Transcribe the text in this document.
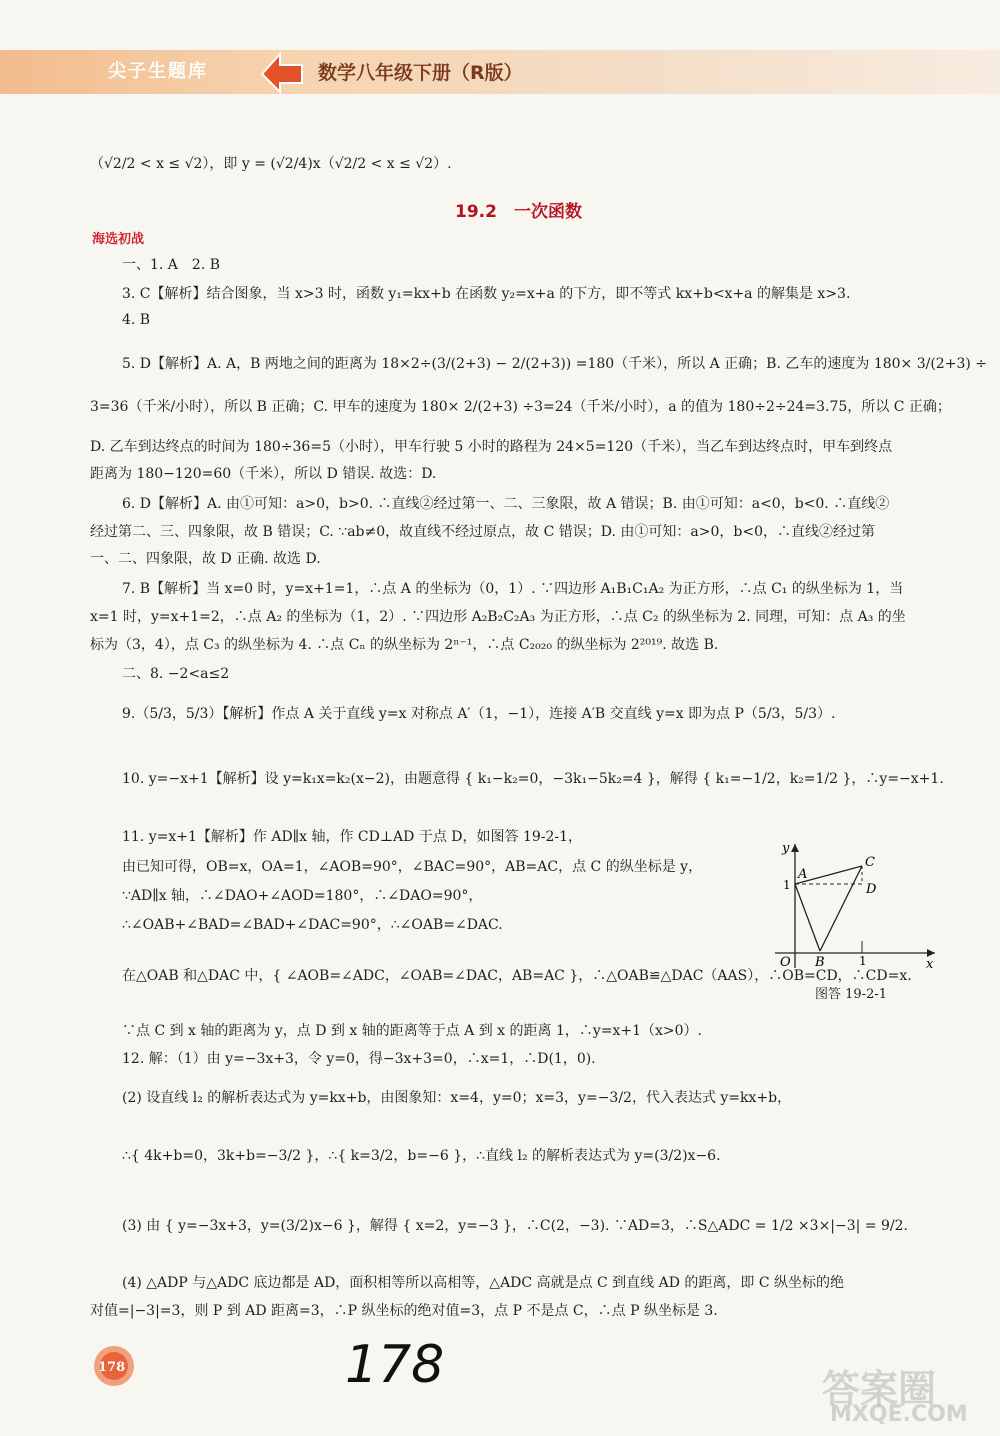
尖子生题库	数学八年级下册（R版）
（√2/2 < x ≤ √2），即 y = (√2/4)x（√2/2 < x ≤ √2）.
19.2　一次函数
海选初战
一、1. A　2. B
3. C【解析】结合图象，当 x>3 时，函数 y₁=kx+b 在函数 y₂=x+a 的下方，即不等式 kx+b<x+a 的解集是 x>3.
4. B
5. D【解析】A. A，B 两地之间的距离为 18×2÷(3/(2+3) − 2/(2+3)) =180（千米），所以 A 正确；B. 乙车的速度为 180× 3/(2+3) ÷
3=36（千米/小时），所以 B 正确；C. 甲车的速度为 180× 2/(2+3) ÷3=24（千米/小时），a 的值为 180÷2÷24=3.75，所以 C 正确；
D. 乙车到达终点的时间为 180÷36=5（小时），甲车行驶 5 小时的路程为 24×5=120（千米），当乙车到达终点时，甲车到终点
距离为 180−120=60（千米），所以 D 错误. 故选：D.
6. D【解析】A. 由①可知：a>0，b>0. ∴直线②经过第一、二、三象限，故 A 错误；B. 由①可知：a<0，b<0. ∴直线②
经过第二、三、四象限，故 B 错误；C. ∵ab≠0，故直线不经过原点，故 C 错误；D. 由①可知：a>0，b<0，∴直线②经过第
一、二、四象限，故 D 正确. 故选 D.
7. B【解析】当 x=0 时，y=x+1=1，∴点 A 的坐标为（0，1）. ∵四边形 A₁B₁C₁A₂ 为正方形，∴点 C₁ 的纵坐标为 1，当
x=1 时，y=x+1=2，∴点 A₂ 的坐标为（1，2）. ∵四边形 A₂B₂C₂A₃ 为正方形，∴点 C₂ 的纵坐标为 2. 同理，可知：点 A₃ 的坐
标为（3，4），点 C₃ 的纵坐标为 4. ∴点 Cₙ 的纵坐标为 2ⁿ⁻¹，∴点 C₂₀₂₀ 的纵坐标为 2²⁰¹⁹. 故选 B.
二、8. −2<a≤2
9.（5/3，5/3）【解析】作点 A 关于直线 y=x 对称点 A′（1，−1），连接 A′B 交直线 y=x 即为点 P（5/3，5/3）.
10. y=−x+1【解析】设 y=k₁x=k₂(x−2)，由题意得 { k₁−k₂=0，−3k₁−5k₂=4 }，解得 { k₁=−1/2，k₂=1/2 }，∴y=−x+1.
11. y=x+1【解析】作 AD∥x 轴，作 CD⊥AD 于点 D，如图答 19-2-1，
由已知可得，OB=x，OA=1，∠AOB=90°，∠BAC=90°，AB=AC，点 C 的纵坐标是 y，
∵AD∥x 轴，∴∠DAO+∠AOD=180°，∴∠DAO=90°，
∴∠OAB+∠BAD=∠BAD+∠DAC=90°，∴∠OAB=∠DAC.
在△OAB 和△DAC 中，{ ∠AOB=∠ADC，∠OAB=∠DAC，AB=AC }，∴△OAB≌△DAC（AAS），∴OB=CD，∴CD=x.
∵点 C 到 x 轴的距离为 y，点 D 到 x 轴的距离等于点 A 到 x 的距离 1，∴y=x+1（x>0）.
12. 解：（1）由 y=−3x+3，令 y=0，得−3x+3=0，∴x=1，∴D(1，0).
(2) 设直线 l₂ 的解析表达式为 y=kx+b，由图象知：x=4，y=0；x=3，y=−3/2，代入表达式 y=kx+b，
∴{ 4k+b=0，3k+b=−3/2 }，∴{ k=3/2，b=−6 }，∴直线 l₂ 的解析表达式为 y=(3/2)x−6.
(3) 由 { y=−3x+3，y=(3/2)x−6 }，解得 { x=2，y=−3 }，∴C(2，−3). ∵AD=3，∴S△ADC = 1/2 ×3×|−3| = 9/2.
(4) △ADP 与△ADC 底边都是 AD，面积相等所以高相等，△ADC 高就是点 C 到直线 AD 的距离，即 C 纵坐标的绝
对值=|−3|=3，则 P 到 AD 距离=3，∴P 纵坐标的绝对值=3，点 P 不是点 C，∴点 P 纵坐标是 3.
y
x
O
A
B
C
D
1
1
图答 19-2-1
178	178	答案圈
MXQE.COM
